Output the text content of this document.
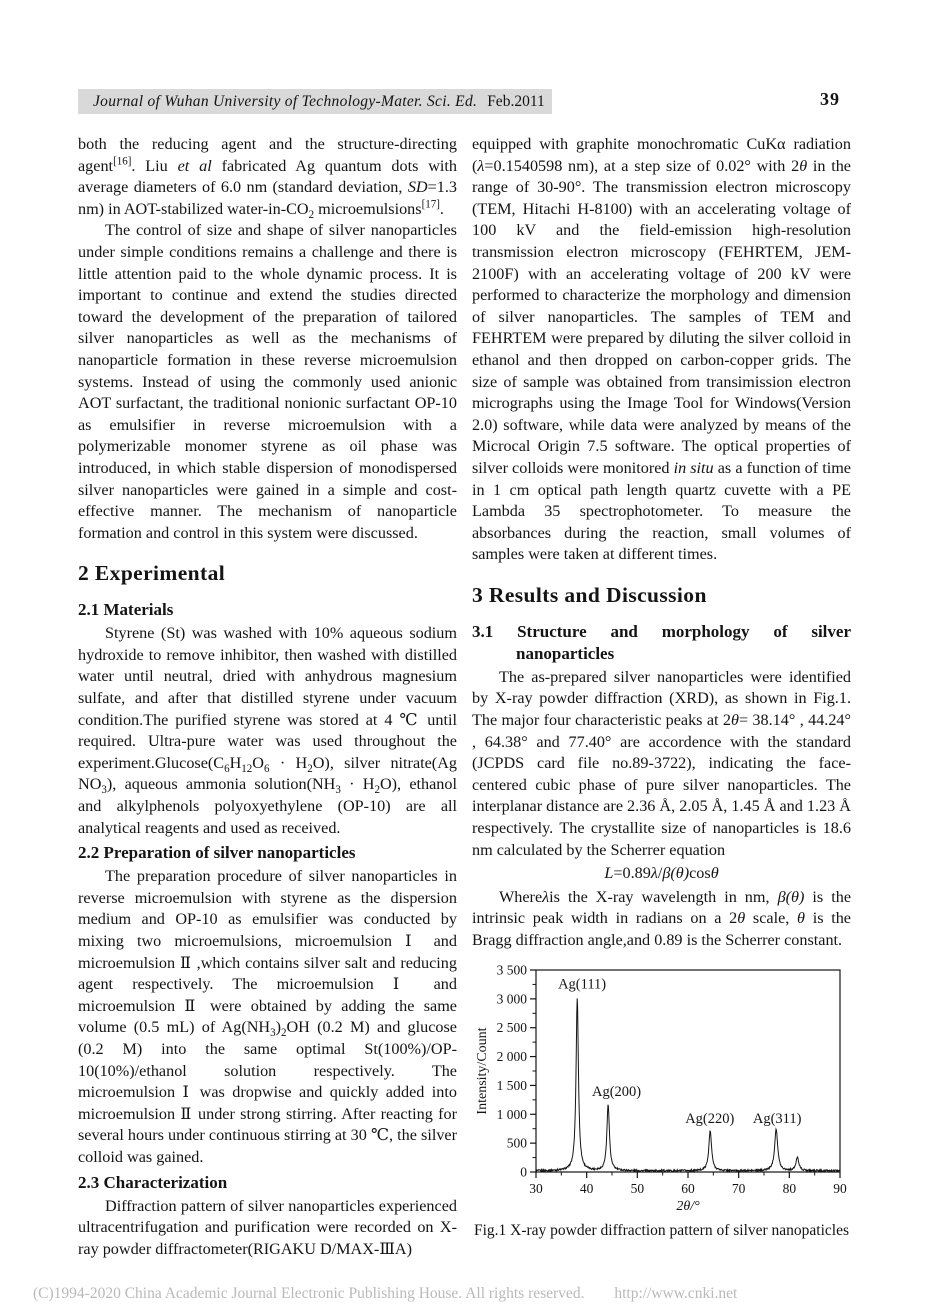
Journal of Wuhan University of Technology-Mater. Sci. Ed. Feb.2011	39

both the reducing agent and the structure-directing agent[16]. Liu et al fabricated Ag quantum dots with average diameters of 6.0 nm (standard deviation, SD=1.3 nm) in AOT-stabilized water-$in-CO_2$ microemulsions[17].

The control of size and shape of silver nanoparticles under simple conditions remains a challenge and there is little attention paid to the whole dynamic process. It is important to continue and extend the studies directed toward the development of the preparation of tailored silver nanoparticles as well as the mechanisms of nanoparticle formation in these reverse microemulsion systems. Instead of using the commonly used anionic AOT surfactant, the traditional nonionic surfactant OP-10 as emulsifier in reverse microemulsion with a polymerizable monomer styrene as oil phase was introduced, in which stable dispersion of monodispersed silver nanoparticles were gained in a simple and cost-effective manner. The mechanism of nanoparticle formation and control in this system were discussed.

2 Experimental
2.1 Materials

Styrene (St) was washed with 10% aqueous sodium hydroxide to remove inhibitor, then washed with distilled water until neutral, dried with anhydrous magnesium sulfate, and after that distilled styrene under vacuum condition.The purified styrene was stored at 4 ℃ until required. Ultra-pure water was used throughout the $experiment.Glucose(C_6H_{12}O_6 \cdot H_2O)$, silver nitrate(Ag $NO_3$), aqueous ammonia $solution(NH_3 \cdot H_2O)$, ethanol and alkylphenols polyoxyethylene (OP-10) are all analytical reagents and used as received.

2.2 Preparation of silver nanoparticles

The preparation procedure of silver nanoparticles in reverse microemulsion with styrene as the dispersion medium and OP-10 as emulsifier was conducted by mixing two microemulsions, microemulsion Ⅰ and microemulsion Ⅱ ,which contains silver salt and reducing agent respectively. The microemulsion Ⅰ and microemulsion Ⅱ were obtained by adding the same volume (0.5 mL) of $Ag(NH_3)_2OH$ (0.2 M) and glucose (0.2 M) into the same optimal St(100%)/OP-10(10%)/ethanol solution respectively. The microemulsion Ⅰ was dropwise and quickly added into microemulsion Ⅱ under strong stirring. After reacting for several hours under continuous stirring at 30 ℃, the silver colloid was gained.

2.3 Characterization

Diffraction pattern of silver nanoparticles experienced ultracentrifugation and purification were recorded on X-ray powder diffractometer(RIGAKU D/MAX-ⅢA)

equipped with graphite monochromatic CuKα radiation (λ=0.1540598 nm), at a step size of 0.02° with 2θ in the range of 30-90°. The transmission electron microscopy (TEM, Hitachi H-8100) with an accelerating voltage of 100 kV and the field-emission high-resolution transmission electron microscopy (FEHRTEM, JEM-2100F) with an accelerating voltage of 200 kV were performed to characterize the morphology and dimension of silver nanoparticles. The samples of TEM and FEHRTEM were prepared by diluting the silver colloid in ethanol and then dropped on carbon-copper grids. The size of sample was obtained from transimission electron micrographs using the Image Tool for Windows(Version 2.0) software, while data were analyzed by means of the Microcal Origin 7.5 software. The optical properties of silver colloids were monitored in situ as a function of time in 1 cm optical path length quartz cuvette with a PE Lambda 35 spectrophotometer. To measure the absorbances during the reaction, small volumes of samples were taken at different times.

3 Results and Discussion
3.1 Structure and morphology of silver nanoparticles

The as-prepared silver nanoparticles were identified by X-ray powder diffraction (XRD), as shown in Fig.1. The major four characteristic peaks at 2θ= 38.14° , 44.24° , 64.38° and 77.40° are accordence with the standard (JCPDS card file no.89-3722), indicating the face-centered cubic phase of pure silver nanoparticles. The interplanar distance are 2.36 Å, 2.05 Å, 1.45 Å and 1.23 Å respectively. The crystallite size of nanoparticles is 18.6 nm calculated by the Scherrer equation

L=0.89λ/β(θ)cosθ

Whereλis the X-ray wavelength in nm, β(θ) is the intrinsic peak width in radians on a 2θ scale, θ is the Bragg diffraction angle,and 0.89 is the Scherrer constant.

0
500
1 000
1 500
2 000
2 500
3 000
3 500
30	40	50	60	70	80	90
2θ/°
Intensity/Count
Ag(111)
Ag(200)
Ag(220) Ag(311)
Fig.1 X-ray powder diffraction pattern of silver nanopaticles
(C)1994-2020 China Academic Journal Electronic Publishing House. All rights reserved. http://www.cnki.net
